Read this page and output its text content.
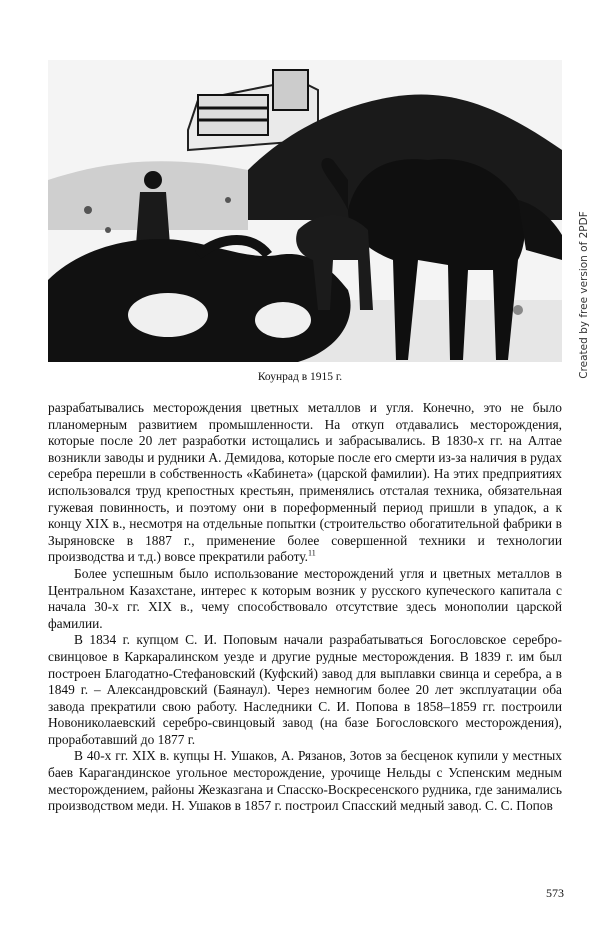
Коунрад в 1915 г.	Created by free version of 2PDF

разрабатывались месторождения цветных металлов и угля. Конечно, это не было планомерным развитием промышленности. На откуп отдавались месторождения, которые после 20 лет разработки истощались и забрасывались. В 1830-х гг. на Алтае возникли заводы и рудники А. Демидова, которые после его смерти из-за наличия в рудах серебра перешли в собственность «Кабинета» (царской фамилии). На этих предприятиях использовался труд крепостных крестьян, применялись отсталая техника, обязательная гужевая повинность, и поэтому они в пореформенный период пришли в упадок, а к концу XIX в., несмотря на отдельные попытки (строительство обогатительной фабрики в Зыряновске в 1887 г., применение более совершенной техники и технологии производства и т.д.) вовсе прекратили работу.$^{11}$

Более успешным было использование месторождений угля и цветных металлов в Центральном Казахстане, интерес к которым возник у русского купеческого капитала с начала 30-х гг. XIX в., чему способствовало отсутствие здесь монополии царской фамилии.

В 1834 г. купцом С. И. Поповым начали разрабатываться Богословское серебро-свинцовое в Каркаралинском уезде и другие рудные месторождения. В 1839 г. им был построен Благодатно-Стефановский (Куфский) завод для выплавки свинца и серебра, а в 1849 г. – Александровский (Баянаул). Через немногим более 20 лет эксплуатации оба завода прекратили свою работу. Наследники С. И. Попова в 1858–1859 гг. построили Новониколаевский серебро-свинцовый завод (на базе Богословского месторождения), проработавший до 1877 г.

В 40-х гг. XIX в. купцы Н. Ушаков, А. Рязанов, Зотов за бесценок купили у местных баев Карагандинское угольное месторождение, урочище Нельды с Успенским медным месторождением, районы Жезказгана и Спасско-Воскресенского рудника, где занимались производством меди. Н. Ушаков в 1857 г. построил Спасский медный завод. С. С. Попов

573
